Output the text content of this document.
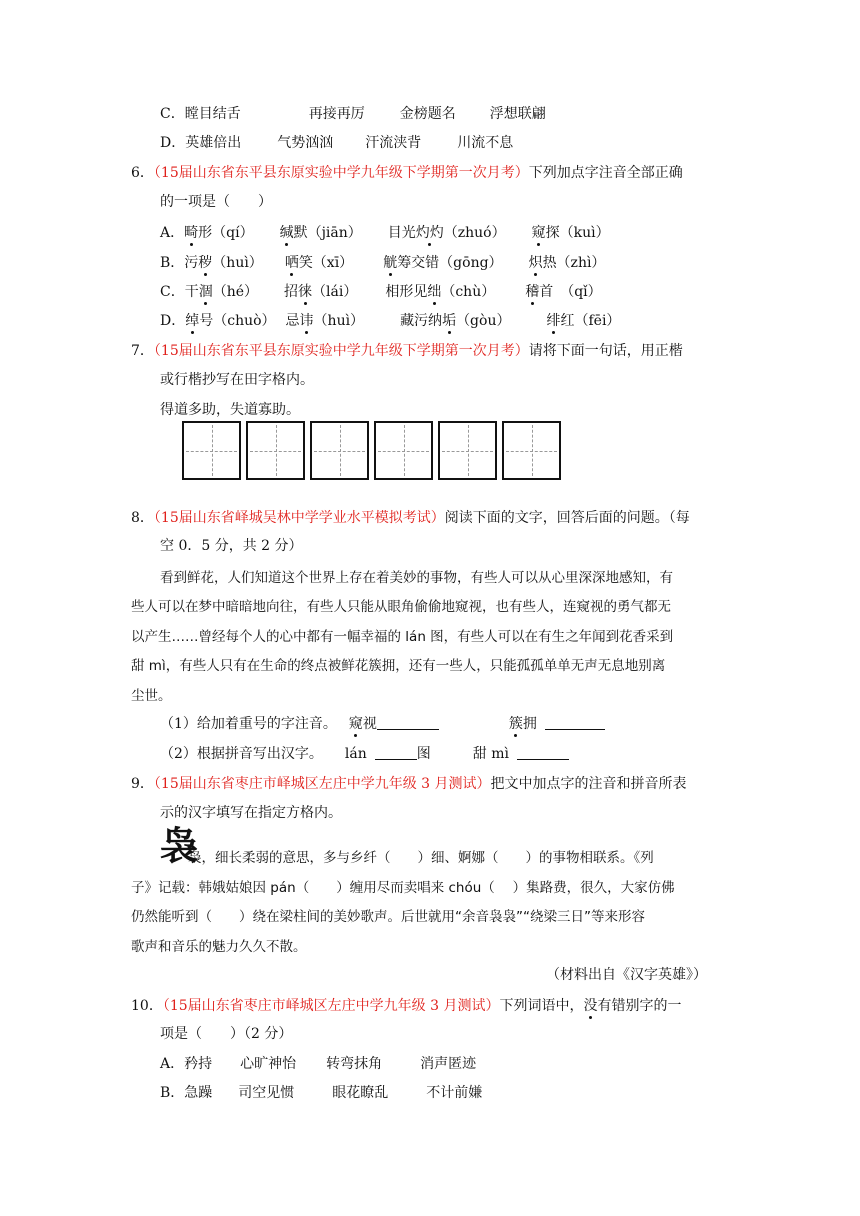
C．瞠目结舌	再接再厉	金榜题名 浮想联翩
D．英雄倍出	气势汹汹 汗流浃背	川流不息
6．（15届山东省东平县东原实验中学九年级下学期第一次月考）下列加点字注音全部正确
的一项是（　　）
A．畸形（qí） 缄默（jiān） 目光灼灼（zhuó） 窥探（kuì）
B．污秽（huì） 哂笑（xī） 觥筹交错（gōng） 炽热（zhì）
C．干涸（hé） 招徕（lái） 相形见绌（chù） 稽首　（qǐ）
D．绰号（chuò） 忌讳（huì）	藏污纳垢（gòu）	绯红（fēi）
7．（15届山东省东平县东原实验中学九年级下学期第一次月考）请将下面一句话，用正楷
或行楷抄写在田字格内。
得道多助，失道寡助。
8．（15届山东省峄城吴林中学学业水平模拟考试）阅读下面的文字，回答后面的问题。（每
空 0．5 分，共 2 分）
看到鲜花，人们知道这个世界上存在着美妙的事物，有些人可以从心里深深地感知，有
些人可以在梦中暗暗地向往，有些人只能从眼角偷偷地窥视，也有些人，连窥视的勇气都无
以产生……曾经每个人的心中都有一幅幸福的 lán 图，有些人可以在有生之年闻到花香采到
甜 mì，有些人只有在生命的终点被鲜花簇拥，还有一些人，只能孤孤单单无声无息地别离
尘世。
（1）给加着重号的字注音。 窥视	簇拥
（2）根据拼音写出汉字。 lán	图	甜 mì
9．（15届山东省枣庄市峄城区左庄中学九年级 3 月测试）把文中加点字的注音和拼音所表
示的汉字填写在指定方格内。
袅
袅，细长柔弱的意思，多与乡纤（　　）细、婀娜（　　）的事物相联系。《列
子》记载：韩娥姑娘因 pán（　　）缠用尽而卖唱来 chóu（　 ）集路费，很久，大家仿佛
仍然能听到（　　）绕在梁柱间的美妙歌声。后世就用“余音袅袅”“绕梁三日”等来形容
歌声和音乐的魅力久久不散。
（材料出自《汉字英雄》）
10．（15届山东省枣庄市峄城区左庄中学九年级 3 月测试）下列词语中，没有错别字的一
项是（　　）（2 分）
A．矜持 心旷神怡 转弯抹角	消声匿迹
B．急躁 司空见惯	眼花瞭乱	不计前嫌
